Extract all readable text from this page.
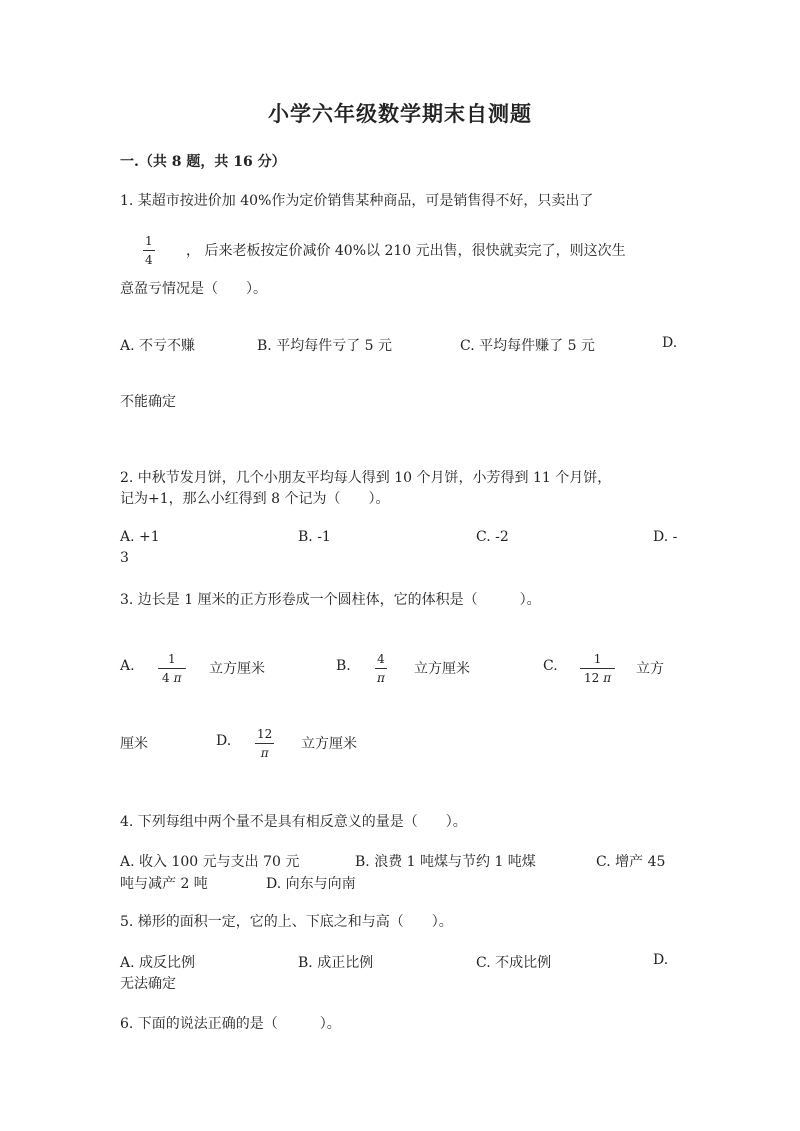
小学六年级数学期末自测题
一.（共 8 题，共 16 分）
1. 某超市按进价加 40%作为定价销售某种商品，可是销售得不好，只卖出了
1
4
， 后来老板按定价减价 40%以 210 元出售，很快就卖完了，则这次生
意盈亏情况是（　　）。
A. 不亏不赚	B. 平均每件亏了 5 元	C. 平均每件赚了 5 元	D.
不能确定
2. 中秋节发月饼，几个小朋友平均每人得到 10 个月饼，小芳得到 11 个月饼，
记为+1，那么小红得到 8 个记为（　　）。
A. +1	B. -1	C. -2	D. -
3
3. 边长是 1 厘米的正方形卷成一个圆柱体，它的体积是（　　　）。
A.	1
4 π
立方厘米	B. 4
π
立方厘米	C.	1
12 π
立方
厘米	D. 12
π
立方厘米
4. 下列每组中两个量不是具有相反意义的量是（　　）。
A. 收入 100 元与支出 70 元	B. 浪费 1 吨煤与节约 1 吨煤	C. 增产 45
吨与减产 2 吨	D. 向东与向南
5. 梯形的面积一定，它的上、下底之和与高（　　）。
A. 成反比例	B. 成正比例	C. 不成比例	D.
无法确定
6. 下面的说法正确的是（　　　）。
